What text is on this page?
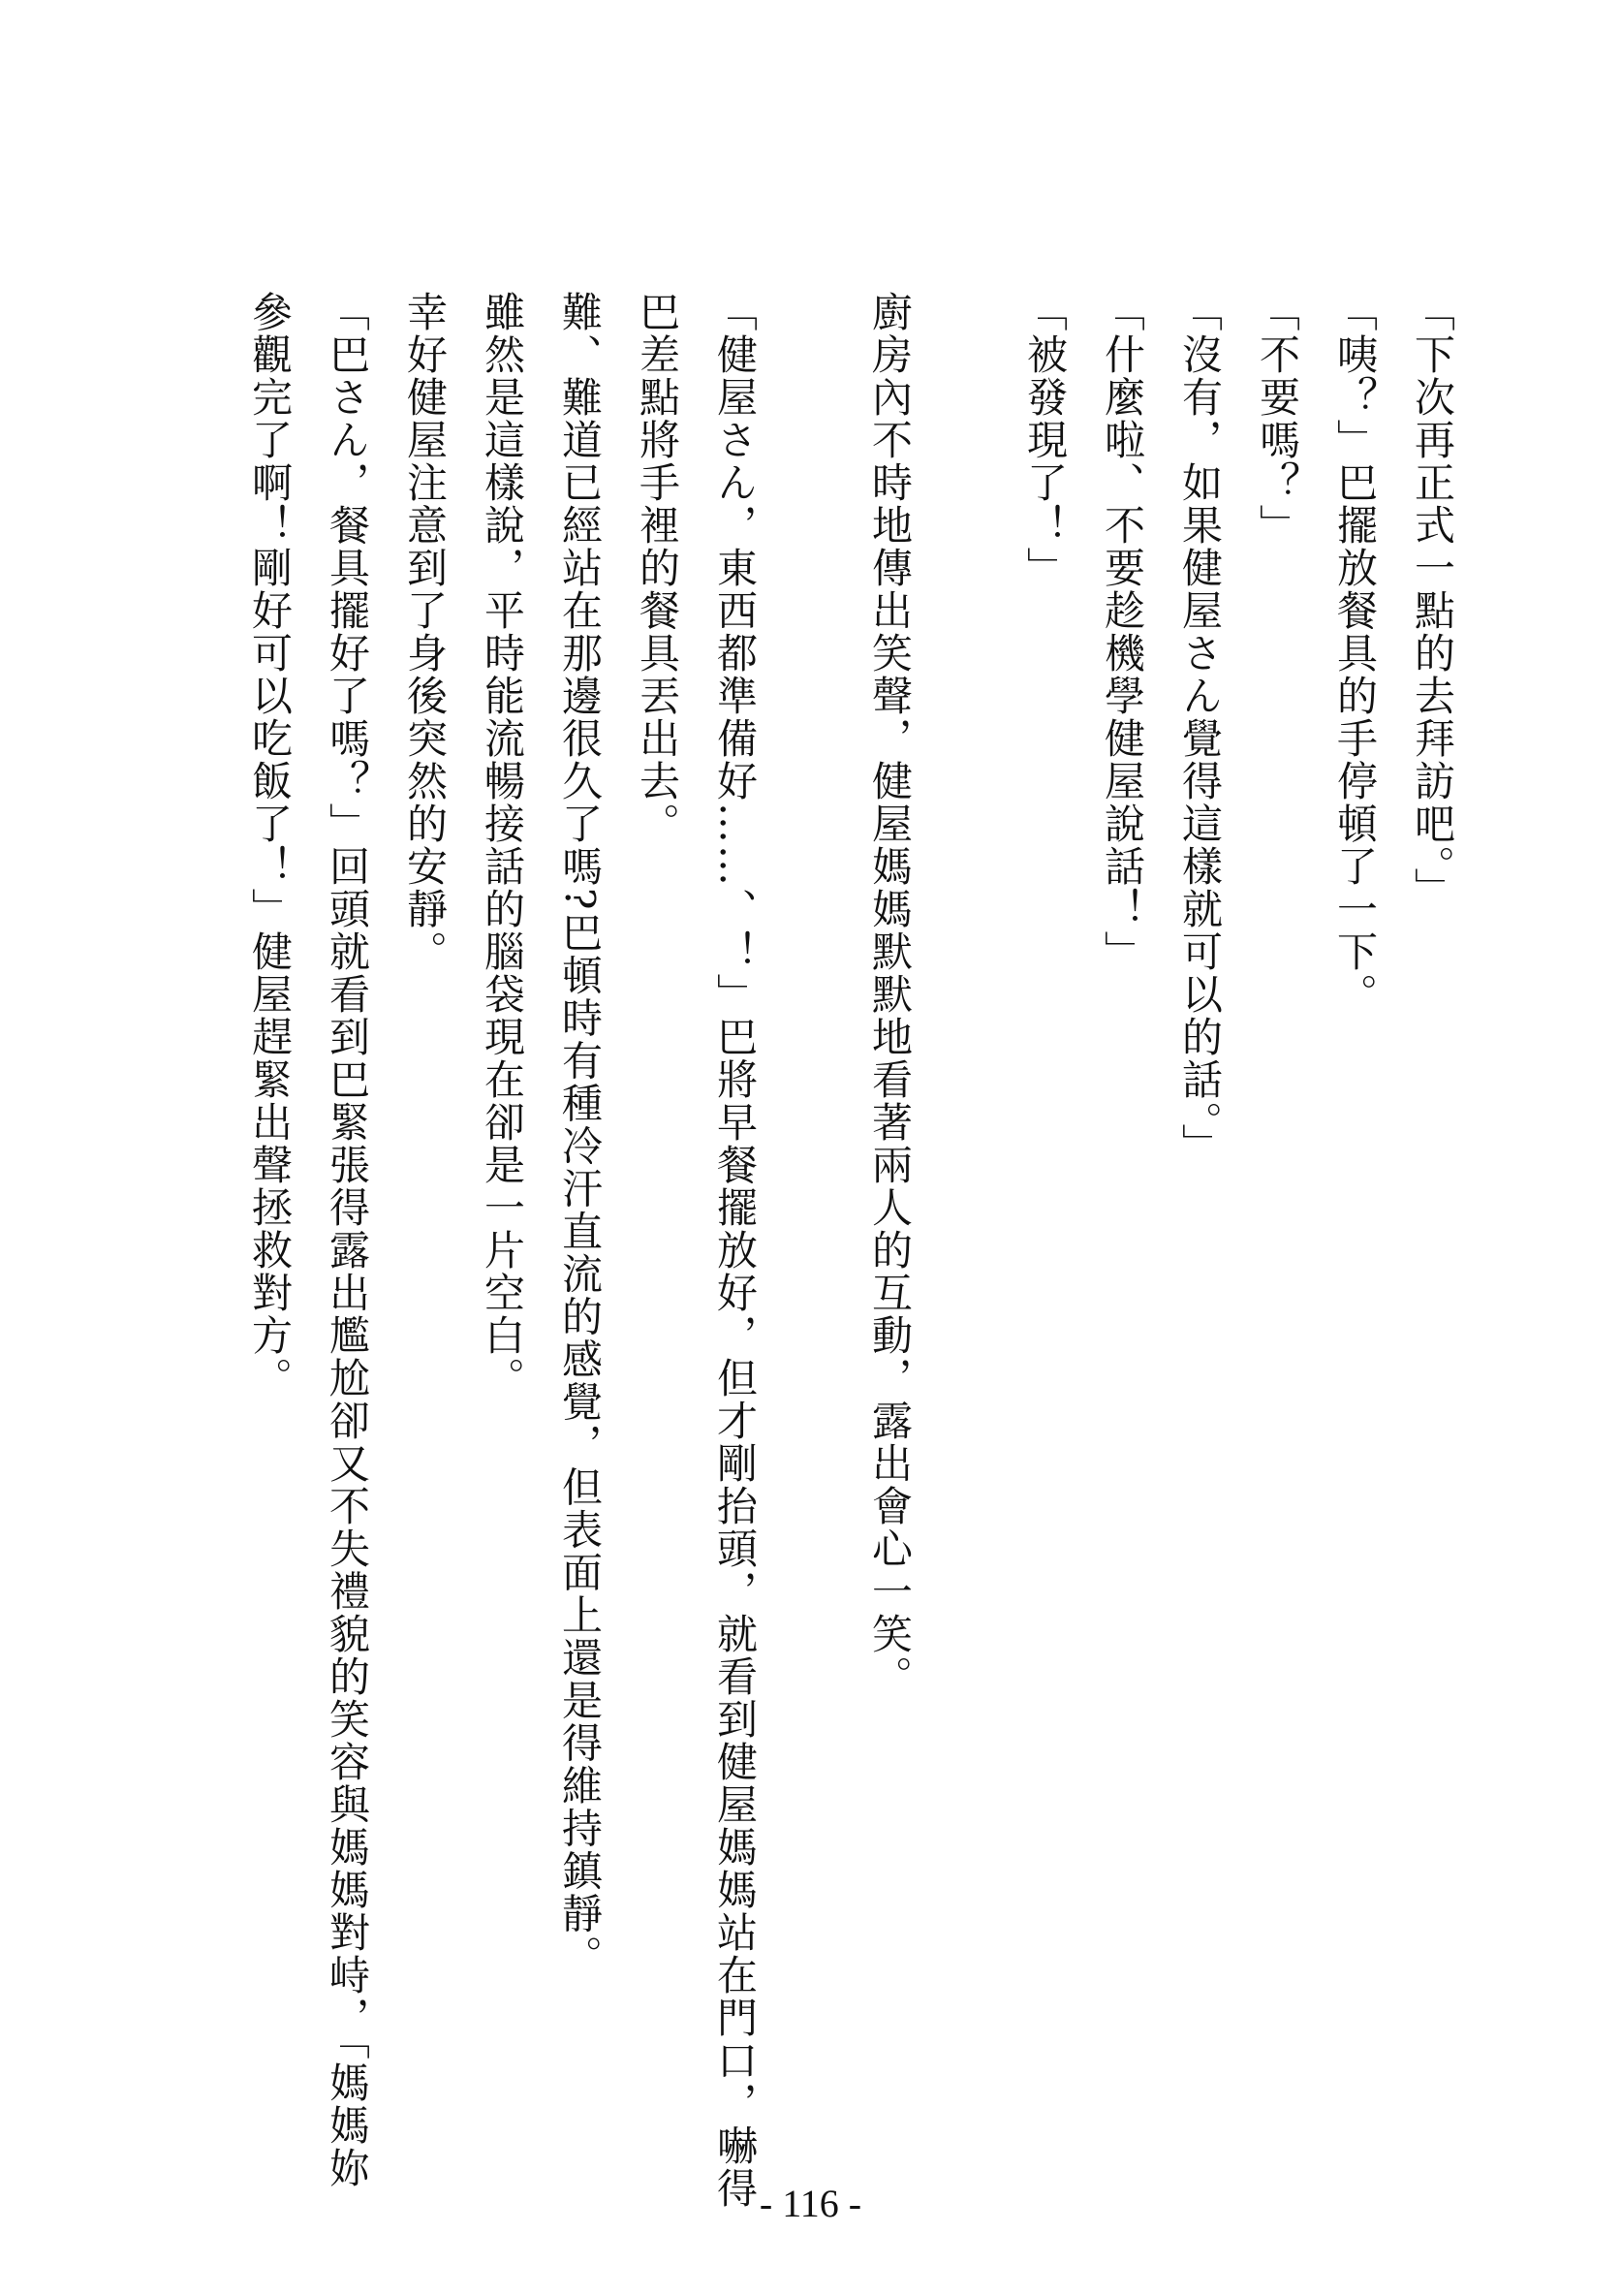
「下次再正式一點的去拜訪吧。」

「咦？」巴擺放餐具的手停頓了一下。

「不要嗎？」

「沒有，如果健屋さん覺得這樣就可以的話。」

「什麼啦、不要趁機學健屋說話！」

「被發現了！」

廚房內不時地傳出笑聲，健屋媽媽默默地看著兩人的互動，露出會心一笑。

「健屋さん，東西都準備好……、！」巴將早餐擺放好，但才剛抬頭，就看到健屋媽媽站在門口，嚇得巴差點將手裡的餐具丟出去。

難、難道已經站在那邊很久了嗎?巴頓時有種冷汗直流的感覺，但表面上還是得維持鎮靜。

雖然是這樣說，平時能流暢接話的腦袋現在卻是一片空白。

幸好健屋注意到了身後突然的安靜。

「巴さん，餐具擺好了嗎？」回頭就看到巴緊張得露出尷尬卻又不失禮貌的笑容與媽媽對峙，「媽媽妳參觀完了啊！剛好可以吃飯了！」健屋趕緊出聲拯救對方。

- 116 -
